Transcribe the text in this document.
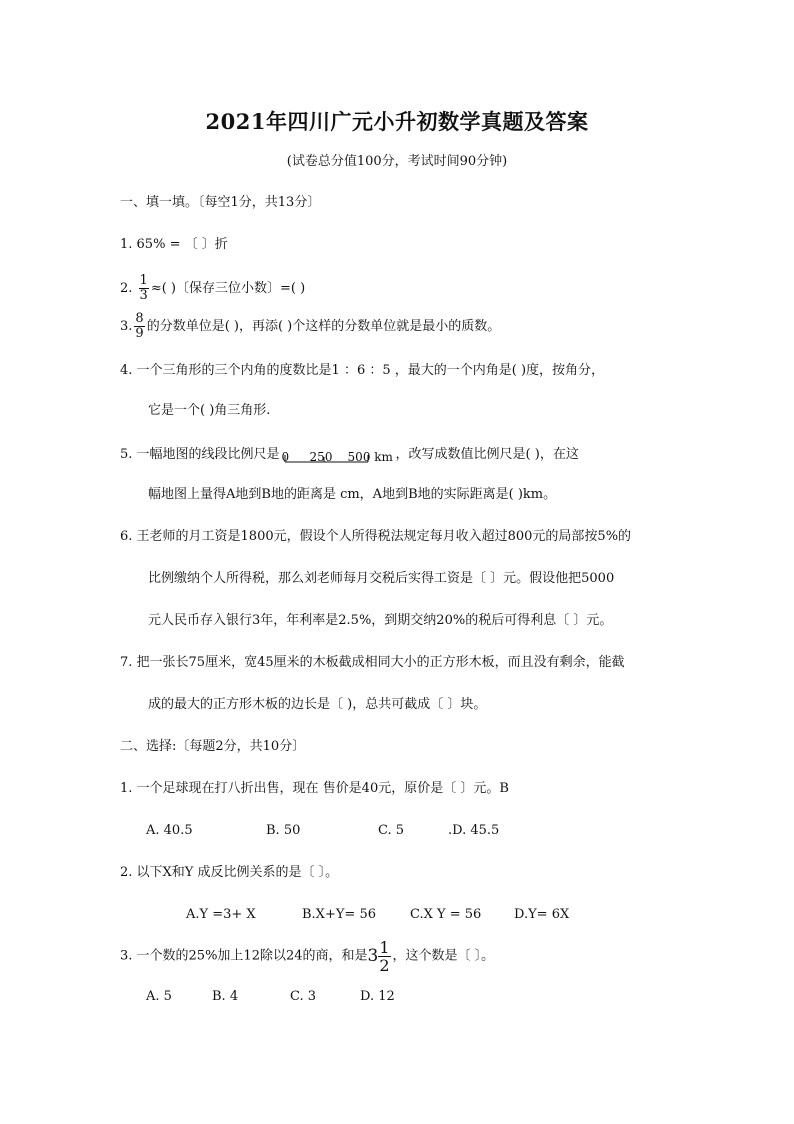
2021年四川广元小升初数学真题及答案
(试卷总分值100分，考试时间90分钟)
一、填一填。〔每空1分，共13分〕
1. 65% = 〔 〕折
2. $\frac{1}{3}$ ≈( )〔保存三位小数〕=( )
3. $\frac{8}{9}$ 的分数单位是( )，再添( )个这样的分数单位就是最小的质数。
4. 一个三角形的三个内角的度数比是1 ：6 ：5 ，最大的一个内角是( )度，按角分，
它是一个( )角三角形.
5. 一幅地图的线段比例尺是 0 250 500 km ，改写成数值比例尺是( )，在这
幅地图上量得A地到B地的距离是 cm，A地到B地的实际距离是( )km。
6. 王老师的月工资是1800元，假设个人所得税法规定每月收入超过800元的局部按5%的
比例缴纳个人所得税，那么刘老师每月交税后实得工资是〔 〕元。假设他把5000
元人民币存入银行3年，年利率是2.5%，到期交纳20%的税后可得利息〔 〕元。
7. 把一张长75厘米，宽45厘米的木板截成相同大小的正方形木板，而且没有剩余，能截
成的最大的正方形木板的边长是〔 )，总共可截成〔 〕块。
二、选择:〔每题2分，共10分〕
1. 一个足球现在打八折出售，现在 售价是40元，原价是〔 〕元。B
A. 40.5	B. 50	C. 5	.D. 45.5
2. 以下X和Y 成反比例关系的是〔 〕。
A.Y =3+ X	B.X+Y= 56	C.X Y = 56	D.Y= 6X
3. 一个数的25%加上12除以24的商，和是$3 \frac{1}{2}$ ，这个数是〔 〕。
A. 5	B. 4	C. 3	D. 12
